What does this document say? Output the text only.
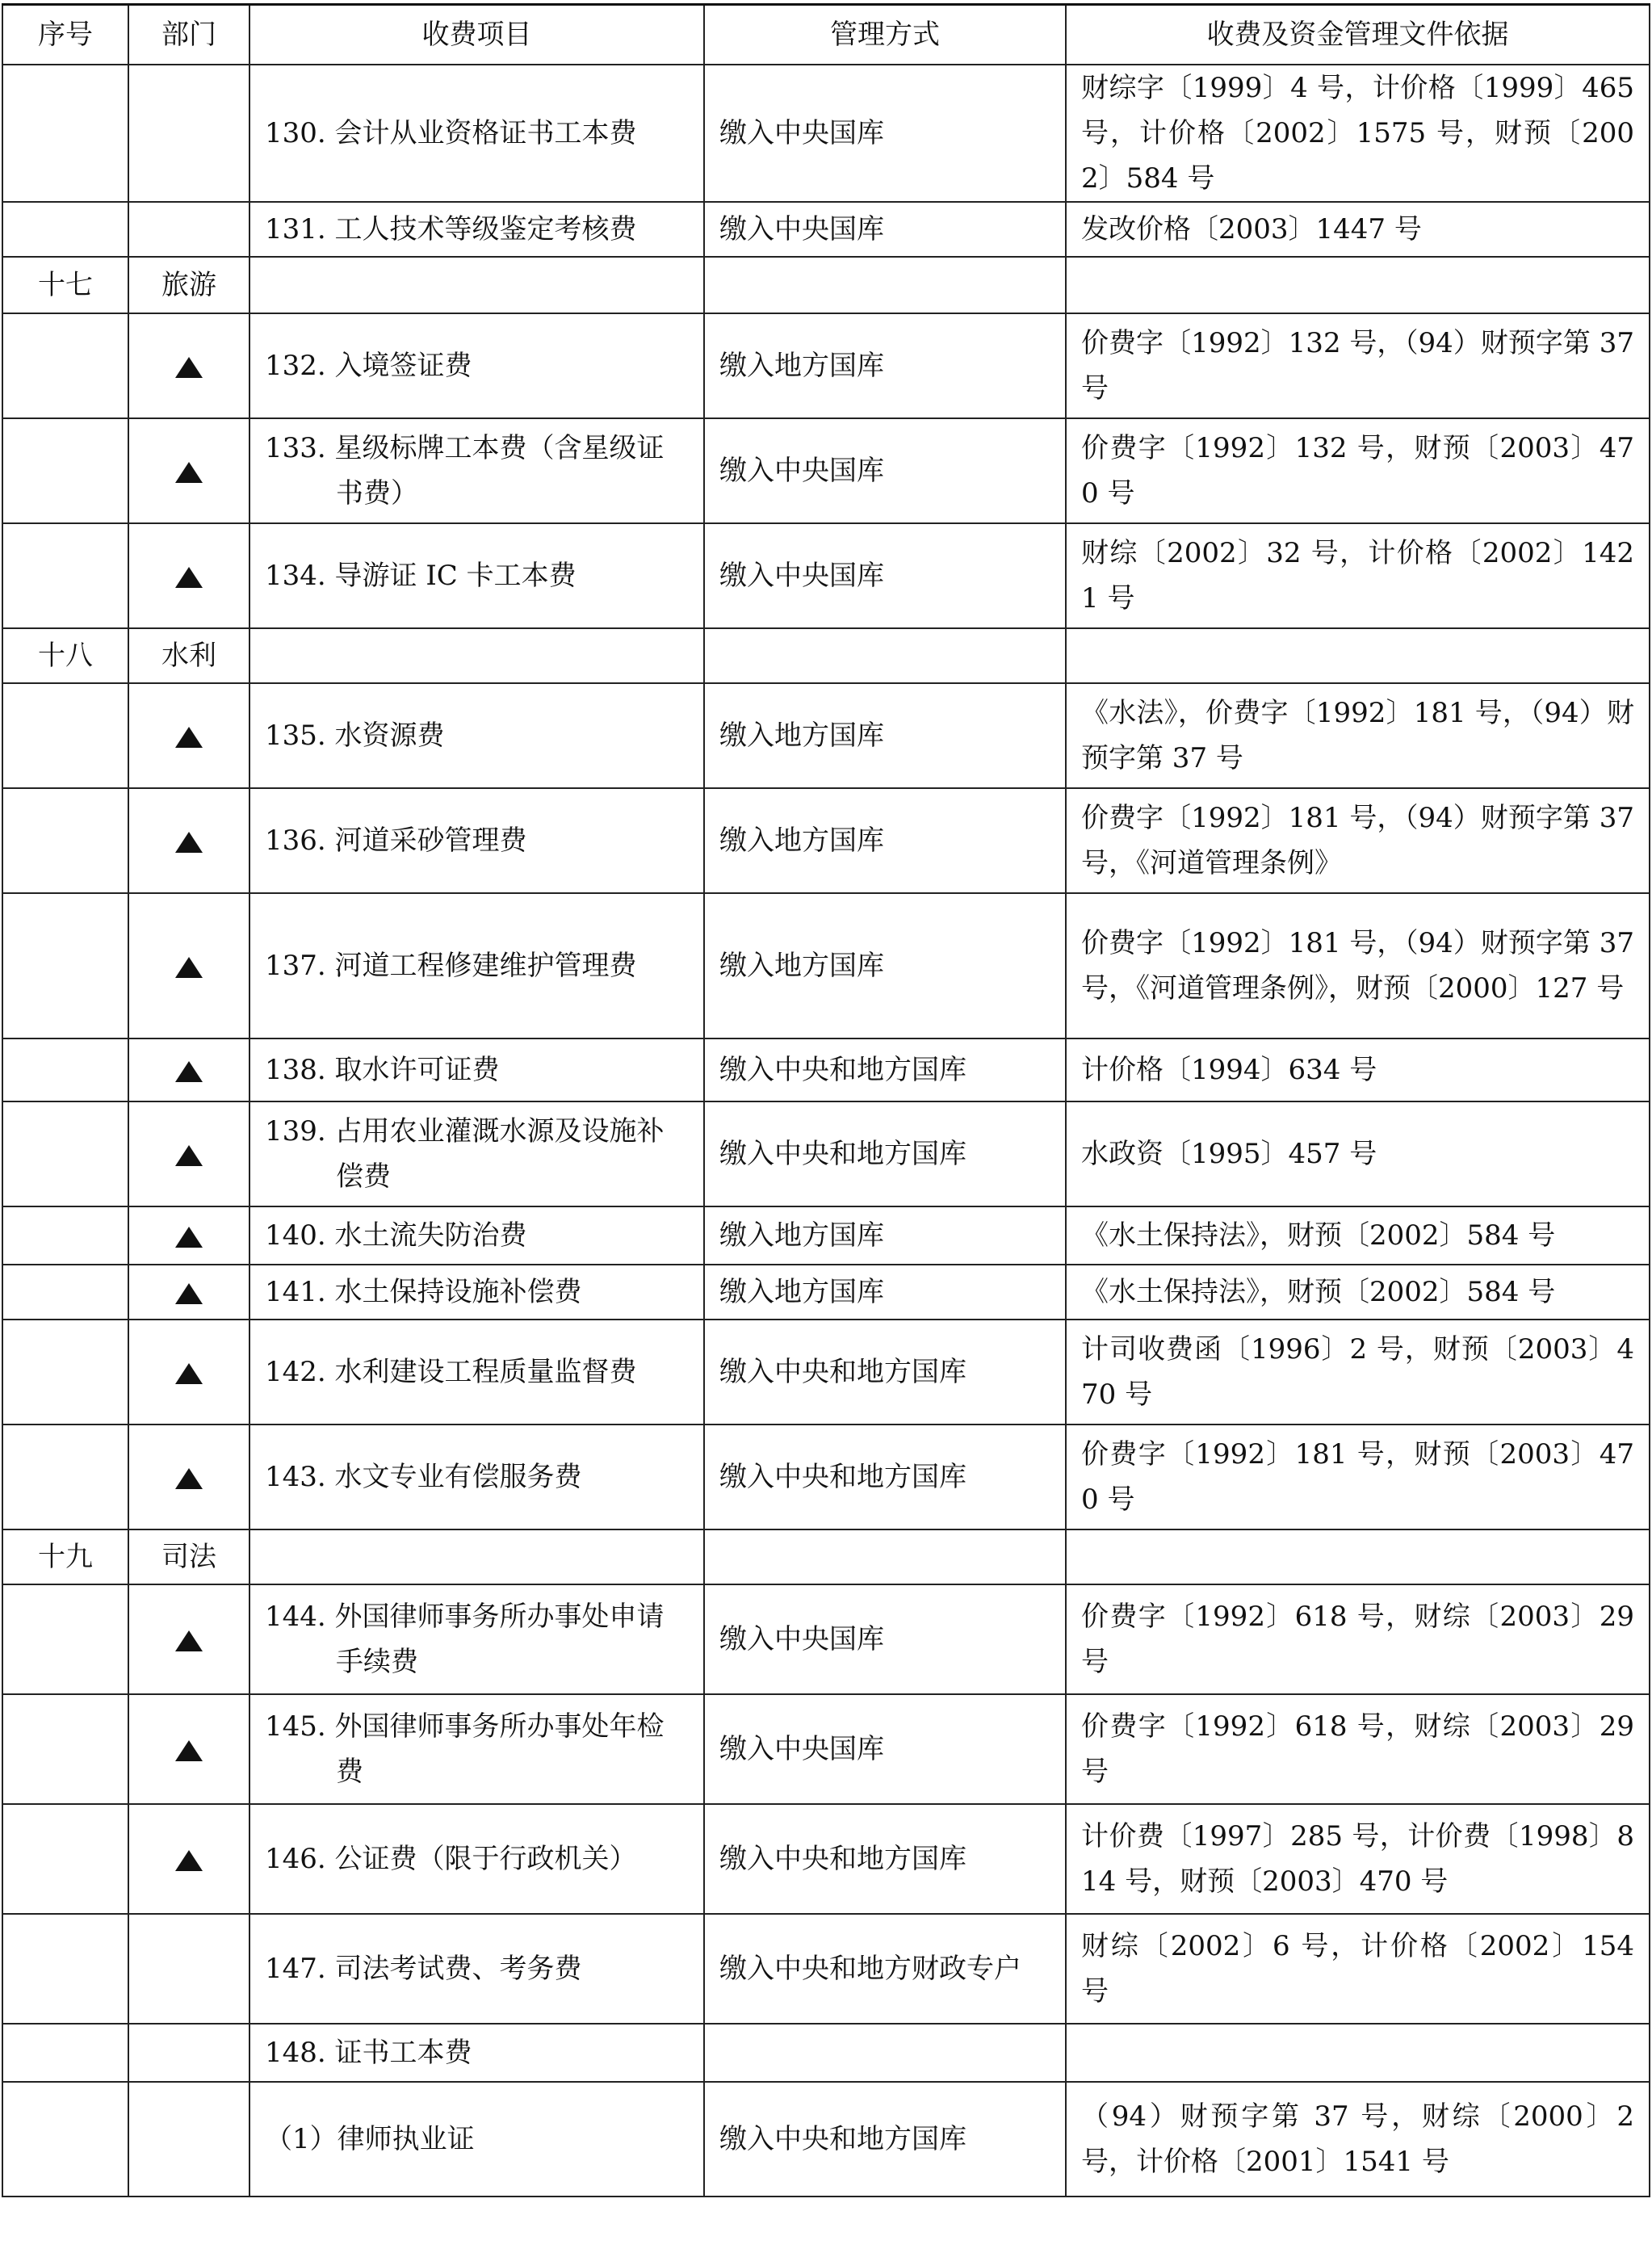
序号	部门	收费项目	管理方式	收费及资金管理文件依据

		130. 会计从业资格证书工本费	缴入中央国库	财综字〔1999〕4 号，计价格〔1999〕465 号，计价格〔2002〕1575 号，财预〔2002〕584 号

		131. 工人技术等级鉴定考核费	缴入中央国库	发改价格〔2003〕1447 号
十七	旅游	

		132. 入境签证费	缴入地方国库	价费字〔1992〕132 号，（94）财预字第 37 号

		133. 星级标牌工本费（含星级证书费）	缴入中央国库	价费字〔1992〕132 号，财预〔2003〕470 号

		134. 导游证 IC 卡工本费	缴入中央国库	财综〔2002〕32 号，计价格〔2002〕1421 号
十八	水利	

		135. 水资源费	缴入地方国库	《水法》，价费字〔1992〕181 号，（94）财预字第 37 号

		136. 河道采砂管理费	缴入地方国库	价费字〔1992〕181 号，（94）财预字第 37 号，《河道管理条例》

		137. 河道工程修建维护管理费	缴入地方国库	价费字〔1992〕181 号，（94）财预字第 37 号，《河道管理条例》，财预〔2000〕127 号

		138. 取水许可证费	缴入中央和地方国库	计价格〔1994〕634 号

		139. 占用农业灌溉水源及设施补偿费	缴入中央和地方国库	水政资〔1995〕457 号

		140. 水土流失防治费	缴入地方国库	《水土保持法》，财预〔2002〕584 号

		141. 水土保持设施补偿费	缴入地方国库	《水土保持法》，财预〔2002〕584 号

		142. 水利建设工程质量监督费	缴入中央和地方国库	计司收费函〔1996〕2 号，财预〔2003〕470 号

		143. 水文专业有偿服务费	缴入中央和地方国库	价费字〔1992〕181 号，财预〔2003〕470 号
十九	司法	

		144. 外国律师事务所办事处申请手续费	缴入中央国库	价费字〔1992〕618 号，财综〔2003〕29 号

		145. 外国律师事务所办事处年检费	缴入中央国库	价费字〔1992〕618 号，财综〔2003〕29 号

		146. 公证费（限于行政机关）	缴入中央和地方国库	计价费〔1997〕285 号，计价费〔1998〕814 号，财预〔2003〕470 号

		147. 司法考试费、考务费	缴入中央和地方财政专户	财综〔2002〕6 号，计价格〔2002〕154 号

		148. 证书工本费		

		（1）律师执业证	缴入中央和地方国库	（94）财预字第 37 号，财综〔2000〕2 号，计价格〔2001〕1541 号
